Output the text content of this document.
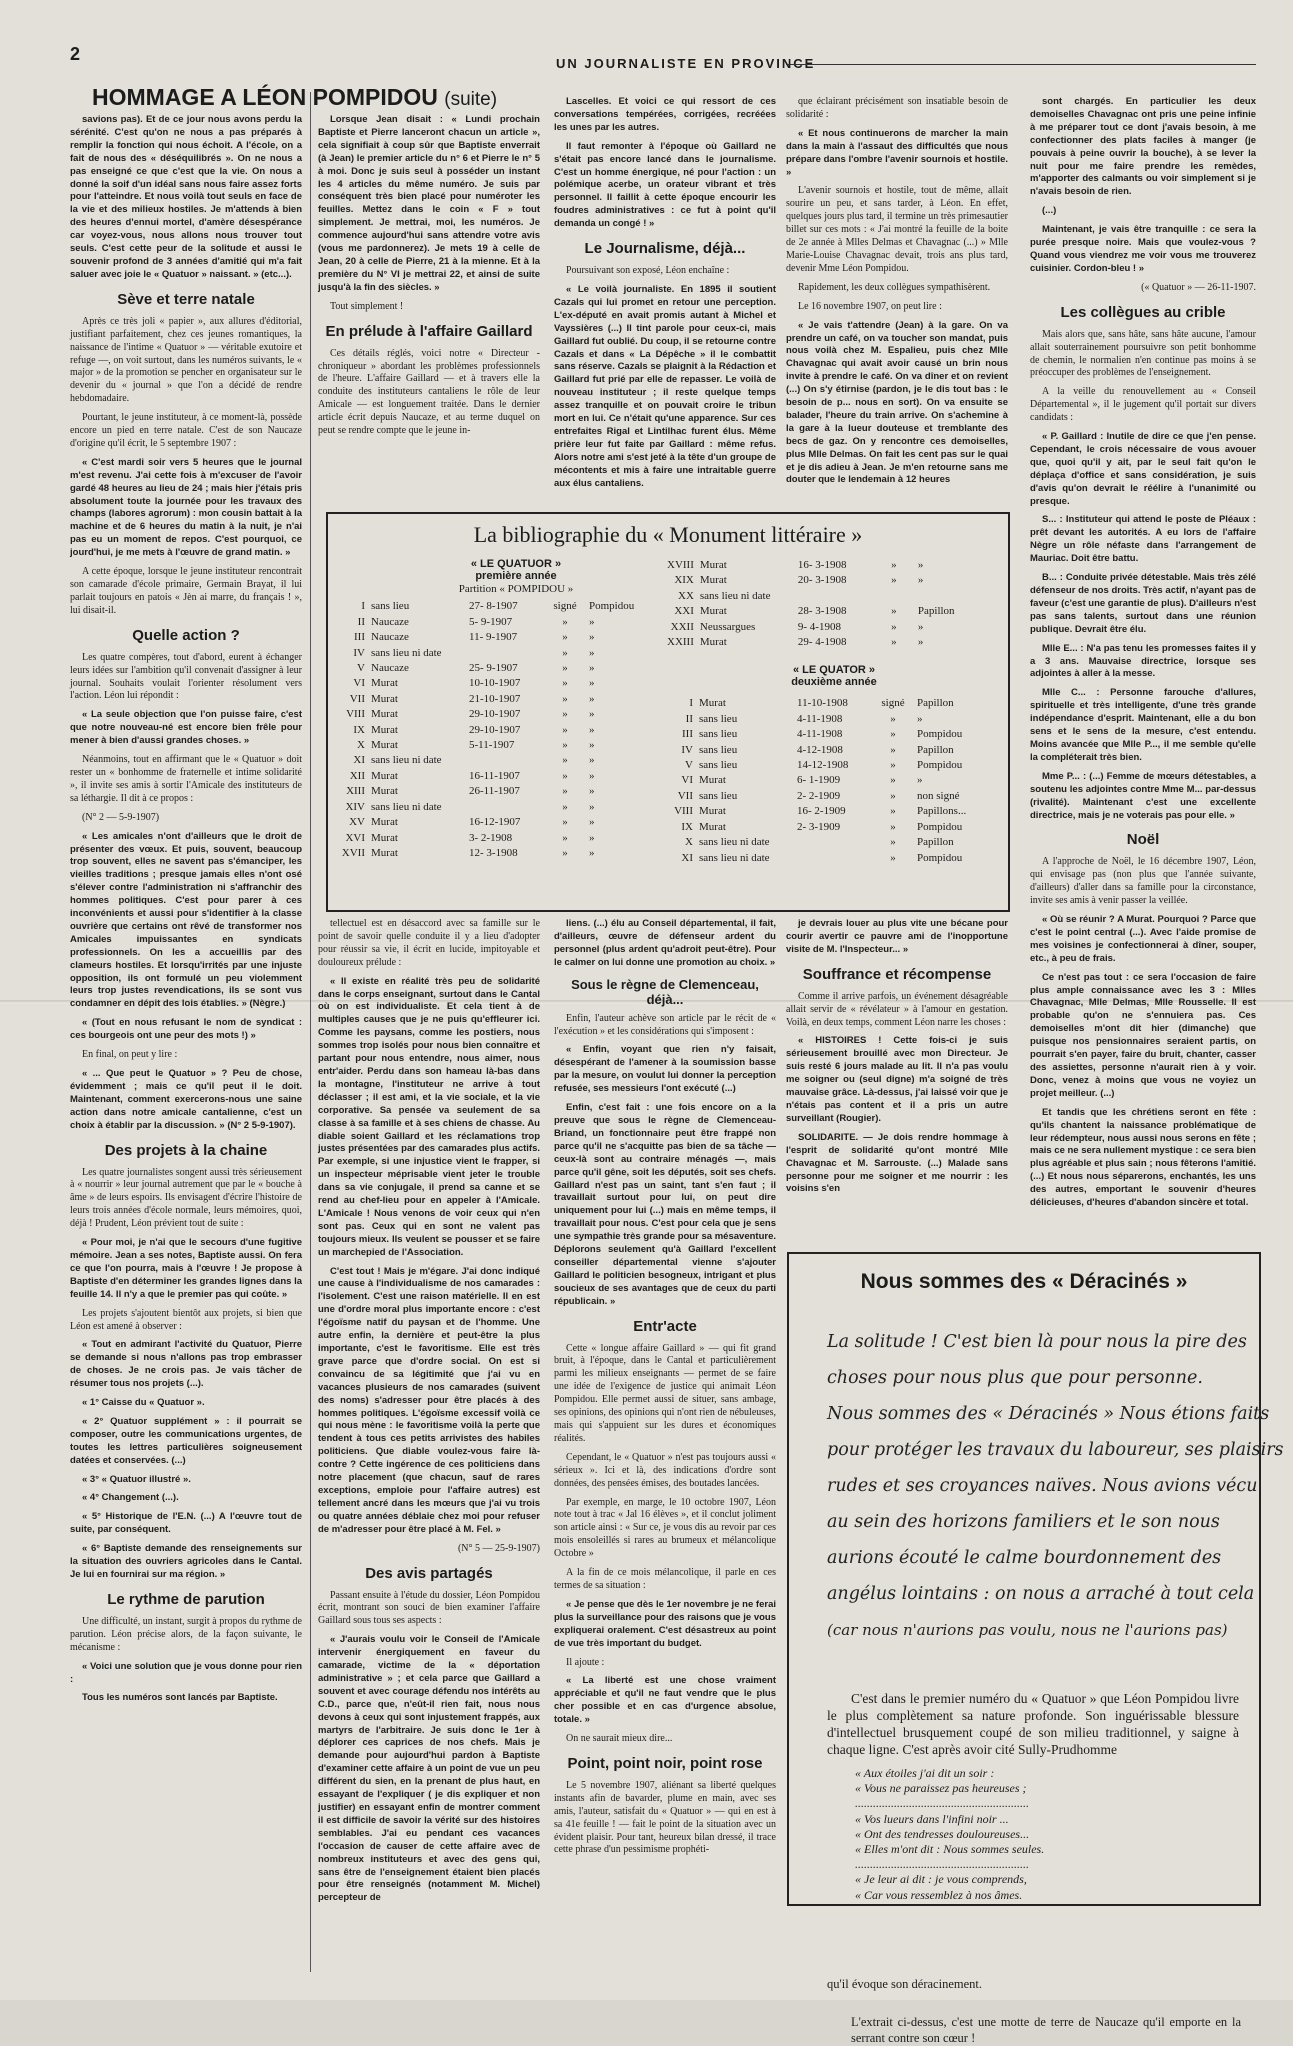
2	UN JOURNALISTE EN PROVINCE
HOMMAGE A LÉON POMPIDOU (suite)

savions pas). Et de ce jour nous avons perdu la sérénité. C'est qu'on ne nous a pas préparés à remplir la fonction qui nous échoit. A l'école, on a fait de nous des « déséquilibrés ». On ne nous a pas enseigné ce que c'est que la vie. On nous a donné la soif d'un idéal sans nous faire assez forts pour l'atteindre. Et nous voilà tout seuls en face de la vie et des milieux hostiles. Je m'attends à bien des heures d'ennui mortel, d'amère désespérance car voyez-vous, nous allons nous trouver tout seuls. C'est cette peur de la solitude et aussi le souvenir profond de 3 années d'amitié qui m'a fait saluer avec joie le « Quatuor » naissant. » (etc...).

Sève et terre natale

Après ce très joli « papier », aux allures d'éditorial, justifiant parfaitement, chez ces jeunes romantiques, la naissance de l'intime « Quatuor » — véritable exutoire et refuge —, on voit surtout, dans les numéros suivants, le « major » de la promotion se pencher en organisateur sur le devenir du « journal » que l'on a décidé de rendre hebdomadaire.

Pourtant, le jeune instituteur, à ce moment-là, possède encore un pied en terre natale. C'est de son Naucaze d'origine qu'il écrit, le 5 septembre 1907 :

« C'est mardi soir vers 5 heures que le journal m'est revenu. J'ai cette fois à m'excuser de l'avoir gardé 48 heures au lieu de 24 ; mais hier j'étais pris absolument toute la journée pour les travaux des champs (labores agrorum) : mon cousin battait à la machine et de 6 heures du matin à la nuit, je n'ai pas eu un moment de repos. C'est pourquoi, ce jourd'hui, je me mets à l'œuvre de grand matin. »

A cette époque, lorsque le jeune instituteur rencontrait son camarade d'école primaire, Germain Brayat, il lui parlait toujours en patois « Jèn ai marre, du français ! », lui disait-il.

Quelle action ?

Les quatre compères, tout d'abord, eurent à échanger leurs idées sur l'ambition qu'il convenait d'assigner à leur journal. Souhaits voulait l'orienter résolument vers l'action. Léon lui répondit :

« La seule objection que l'on puisse faire, c'est que notre nouveau-né est encore bien frêle pour mener à bien d'aussi grandes choses. »

Néanmoins, tout en affirmant que le « Quatuor » doit rester un « bonhomme de fraternelle et intime solidarité », il invite ses amis à sortir l'Amicale des instituteurs de sa léthargie. Il dit à ce propos :

(N° 2 — 5-9-1907)

« Les amicales n'ont d'ailleurs que le droit de présenter des vœux. Et puis, souvent, beaucoup trop souvent, elles ne savent pas s'émanciper, les vieilles traditions ; presque jamais elles n'ont osé s'élever contre l'administration ni s'affranchir des hommes politiques. C'est pour parer à ces inconvénients et aussi pour s'identifier à la classe ouvrière que certains ont rêvé de transformer nos Amicales impuissantes en syndicats professionnels. On les a accueillis par des clameurs hostiles. Et lorsqu'irrités par une injuste opposition, ils ont formulé un peu violemment leurs trop justes revendications, ils se sont vus condamner en dépit des lois établies. » (Nègre.)

« (Tout en nous refusant le nom de syndicat : ces bourgeois ont une peur des mots !) »

En final, on peut y lire :

« ... Que peut le Quatuor » ? Peu de chose, évidemment ; mais ce qu'il peut il le doit. Maintenant, comment exercerons-nous une saine action dans notre amicale cantalienne, c'est un choix à établir par la discussion. » (N° 2 5-9-1907).

Des projets à la chaine

Les quatre journalistes songent aussi très sérieusement à « nourrir » leur journal autrement que par le « bouche à âme » de leurs espoirs. Ils envisagent d'écrire l'histoire de leurs trois années d'école normale, leurs mémoires, quoi, déjà ! Prudent, Léon prévient tout de suite :

« Pour moi, je n'ai que le secours d'une fugitive mémoire. Jean a ses notes, Baptiste aussi. On fera ce que l'on pourra, mais à l'œuvre ! Je propose à Baptiste d'en déterminer les grandes lignes dans la feuille 14. Il n'y a que le premier pas qui coûte. »

Les projets s'ajoutent bientôt aux projets, si bien que Léon est amené à observer :

« Tout en admirant l'activité du Quatuor, Pierre se demande si nous n'allons pas trop embrasser de choses. Je ne crois pas. Je vais tâcher de résumer tous nos projets (...).

« 1° Caisse du « Quatuor ».

« 2° Quatuor supplément » : il pourrait se composer, outre les communications urgentes, de toutes les lettres particulières soigneusement datées et conservées. (...)

« 3° « Quatuor illustré ».

« 4° Changement (...).

« 5° Historique de l'E.N. (...) A l'œuvre tout de suite, par conséquent.

« 6° Baptiste demande des renseignements sur la situation des ouvriers agricoles dans le Cantal. Je lui en fournirai sur ma région. »

Le rythme de parution

Une difficulté, un instant, surgit à propos du rythme de parution. Léon précise alors, de la façon suivante, le mécanisme :

« Voici une solution que je vous donne pour rien :

Tous les numéros sont lancés par Baptiste.

Lorsque Jean disait : « Lundi prochain Baptiste et Pierre lanceront chacun un article », cela signifiait à coup sûr que Baptiste enverrait (à Jean) le premier article du n° 6 et Pierre le n° 5 à moi. Donc je suis seul à posséder un instant les 4 articles du même numéro. Je suis par conséquent très bien placé pour numéroter les feuilles. Mettez dans le coin « F » tout simplement. Je mettrai, moi, les numéros. Je commence aujourd'hui sans attendre votre avis (vous me pardonnerez). Je mets 19 à celle de Jean, 20 à celle de Pierre, 21 à la mienne. Et à la première du N° VI je mettrai 22, et ainsi de suite jusqu'à la fin des siècles. »

Tout simplement !

En prélude à l'affaire Gaillard

Ces détails réglés, voici notre « Directeur - chroniqueur » abordant les problèmes professionnels de l'heure. L'affaire Gaillard — et à travers elle la conduite des instituteurs cantaliens le rôle de leur Amicale — est longuement traitée. Dans le dernier article écrit depuis Naucaze, et au terme duquel on peut se rendre compte que le jeune in-

Lascelles. Et voici ce qui ressort de ces conversations tempérées, corrigées, recréées les unes par les autres.

Il faut remonter à l'époque où Gaillard ne s'était pas encore lancé dans le journalisme. C'est un homme énergique, né pour l'action : un polémique acerbe, un orateur vibrant et très personnel. Il faillit à cette époque encourir les foudres administratives : ce fut à point qu'il demanda un congé ! »

Le Journalisme, déjà...

Poursuivant son exposé, Léon enchaîne :

« Le voilà journaliste. En 1895 il soutient Cazals qui lui promet en retour une perception. L'ex-député en avait promis autant à Michel et Vayssières (...) Il tint parole pour ceux-ci, mais Gaillard fut oublié. Du coup, il se retourne contre Cazals et dans « La Dépêche » il le combattit sans réserve. Cazals se plaignit à la Rédaction et Gaillard fut prié par elle de repasser. Le voilà de nouveau instituteur ; il reste quelque temps assez tranquille et on pouvait croire le tribun mort en lui. Ce n'était qu'une apparence. Sur ces entrefaites Rigal et Lintilhac furent élus. Même prière leur fut faite par Gaillard : même refus. Alors notre ami s'est jeté à la tête d'un groupe de mécontents et mis à faire une intraitable guerre aux élus cantaliens.

que éclairant précisément son insatiable besoin de solidarité :

« Et nous continuerons de marcher la main dans la main à l'assaut des difficultés que nous prépare dans l'ombre l'avenir sournois et hostile. »

L'avenir sournois et hostile, tout de même, allait sourire un peu, et sans tarder, à Léon. En effet, quelques jours plus tard, il termine un très primesautier billet sur ces mots : « J'ai montré la feuille de la boite de 2e année à Mlles Delmas et Chavagnac (...) » Mlle Marie-Louise Chavagnac devait, trois ans plus tard, devenir Mme Léon Pompidou.

Rapidement, les deux collègues sympathisèrent.

Le 16 novembre 1907, on peut lire :

« Je vais t'attendre (Jean) à la gare. On va prendre un café, on va toucher son mandat, puis nous voilà chez M. Espalieu, puis chez Mlle Chavagnac qui avait avoir causé un brin nous invite à prendre le café. On va dîner et on revient (...) On s'y étirnise (pardon, je le dis tout bas : le besoin de p... nous en sort). On va ensuite se balader, l'heure du train arrive. On s'achemine à la gare à la lueur douteuse et tremblante des becs de gaz. On y rencontre ces demoiselles, plus Mlle Delmas. On fait les cent pas sur le quai et je dis adieu à Jean. Je m'en retourne sans me douter que le lendemain à 12 heures

sont chargés. En particulier les deux demoiselles Chavagnac ont pris une peine infinie à me préparer tout ce dont j'avais besoin, à me confectionner des plats faciles à manger (je pouvais à peine ouvrir la bouche), à se lever la nuit pour me faire prendre les remèdes, m'apporter des calmants ou voir simplement si je n'avais besoin de rien.

(...)

Maintenant, je vais être tranquille : ce sera la purée presque noire. Mais que voulez-vous ? Quand vous viendrez me voir vous me trouverez cuisinier. Cordon-bleu ! »

(« Quatuor » — 26-11-1907.

Les collègues au crible

Mais alors que, sans hâte, sans hâte aucune, l'amour allait souterrainement poursuivre son petit bonhomme de chemin, le normalien n'en continue pas moins à se préoccuper des problèmes de l'enseignement.

A la veille du renouvellement au « Conseil Départemental », il le jugement qu'il portait sur divers candidats :

« P. Gaillard : Inutile de dire ce que j'en pense. Cependant, le crois nécessaire de vous avouer que, quoi qu'il y ait, par le seul fait qu'on le déplaça d'office et sans considération, je suis d'avis qu'on devrait le réélire à l'unanimité ou presque.

S... : Instituteur qui attend le poste de Pléaux : prêt devant les autorités. A eu lors de l'affaire Nègre un rôle néfaste dans l'arrangement de Mauriac. Doit être battu.

B... : Conduite privée détestable. Mais très zélé défenseur de nos droits. Très actif, n'ayant pas de faveur (c'est une garantie de plus). D'ailleurs n'est pas sans talents, surtout dans une réunion publique. Devrait être élu.

Mlle E... : N'a pas tenu les promesses faites il y a 3 ans. Mauvaise directrice, lorsque ses adjointes à aller à la messe.

Mlle C... : Personne farouche d'allures, spirituelle et très intelligente, d'une très grande indépendance d'esprit. Maintenant, elle a du bon sens et le sens de la mesure, c'est entendu. Moins avancée que Mlle P..., il me semble qu'elle la compléterait très bien.

Mme P... : (...) Femme de mœurs détestables, a soutenu les adjointes contre Mme M... par-dessus (rivalité). Maintenant c'est une excellente directrice, mais je ne voterais pas pour elle. »

Noël

A l'approche de Noël, le 16 décembre 1907, Léon, qui envisage pas (non plus que l'année suivante, d'ailleurs) d'aller dans sa famille pour la circonstance, invite ses amis à venir passer la veillée.

« Où se réunir ? A Murat. Pourquoi ? Parce que c'est le point central (...). Avec l'aide promise de mes voisines je confectionnerai à dîner, souper, etc., à peu de frais.

Ce n'est pas tout : ce sera l'occasion de faire plus ample connaissance avec les 3 : Mlles Chavagnac, Mlle Delmas, Mlle Rousselle. Il est probable qu'on ne s'ennuiera pas. Ces demoiselles m'ont dit hier (dimanche) que puisque nos pensionnaires seraient partis, on pourrait s'en payer, faire du bruit, chanter, casser des assiettes, personne n'aurait rien à y voir. Donc, venez à moins que vous ne voyiez un projet meilleur. (...)

Et tandis que les chrétiens seront en fête : qu'ils chantent la naissance problématique de leur rédempteur, nous aussi nous serons en fête ; mais ce ne sera nullement mystique : ce sera bien plus agréable et plus sain ; nous fêterons l'amitié. (...) Et nous nous séparerons, enchantés, les uns des autres, emportant le souvenir d'heures délicieuses, d'heures d'abandon sincère et total.

La bibliographie du « Monument littéraire »
« LE QUATUOR »
première année
Partition « POMPIDOU »
I	sans lieu	27- 8-1907	signé	Pompidou
II	Naucaze	5- 9-1907	»	»
III	Naucaze	11- 9-1907	»	»
IV	sans lieu ni date		»	»
V	Naucaze	25- 9-1907	»	»
VI	Murat	10-10-1907	»	»
VII	Murat	21-10-1907	»	»
VIII	Murat	29-10-1907	»	»
IX	Murat	29-10-1907	»	»
X	Murat	5-11-1907	»	»
XI	sans lieu ni date		»	»
XII	Murat	16-11-1907	»	»
XIII	Murat	26-11-1907	»	»
XIV	sans lieu ni date		»	»
XV	Murat	16-12-1907	»	»
XVI	Murat	3- 2-1908	»	»
XVII	Murat	12- 3-1908	»	»
XVIII	Murat	16- 3-1908	»	»
XIX	Murat	20- 3-1908	»	»
XX	sans lieu ni date			
XXI	Murat	28- 3-1908	»	Papillon
XXII	Neussargues	9- 4-1908	»	»
XXIII	Murat	29- 4-1908	»	»
« LE QUATOR »
deuxième année
I	Murat	11-10-1908	signé	Papillon
II	sans lieu	4-11-1908	»	»
III	sans lieu	4-11-1908	»	Pompidou
IV	sans lieu	4-12-1908	»	Papillon
V	sans lieu	14-12-1908	»	Pompidou
VI	Murat	6- 1-1909	»	»
VII	sans lieu	2- 2-1909	»	non signé
VIII	Murat	16- 2-1909	»	Papillons...
IX	Murat	2- 3-1909	»	Pompidou
X	sans lieu ni date		»	Papillon
XI	sans lieu ni date		»	Pompidou

tellectuel est en désaccord avec sa famille sur le point de savoir quelle conduite il y a lieu d'adopter pour réussir sa vie, il écrit en lucide, impitoyable et douloureux prélude :

« Il existe en réalité très peu de solidarité dans le corps enseignant, surtout dans le Cantal où on est individualiste. Et cela tient à de multiples causes que je ne puis qu'effleurer ici. Comme les paysans, comme les postiers, nous sommes trop isolés pour nous bien connaître et partant pour nous entendre, nous aimer, nous entr'aider. Perdu dans son hameau là-bas dans la montagne, l'instituteur ne arrive à tout déclasser ; il est ami, et la vie sociale, et la vie corporative. Sa pensée va seulement de sa classe à sa famille et à ses chiens de chasse. Au diable soient Gaillard et les réclamations trop justes présentées par des camarades plus actifs. Par exemple, si une injustice vient le frapper, si un inspecteur méprisable vient jeter le trouble dans sa vie conjugale, il prend sa canne et se rend au chef-lieu pour en appeler à l'Amicale. L'Amicale ! Nous venons de voir ceux qui n'en sont pas. Ceux qui en sont ne valent pas toujours mieux. Ils veulent se pousser et se faire un marchepied de l'Association.

C'est tout ! Mais je m'égare. J'ai donc indiqué une cause à l'individualisme de nos camarades : l'isolement. C'est une raison matérielle. Il en est une d'ordre moral plus importante encore : c'est l'égoïsme natif du paysan et de l'homme. Une autre enfin, la dernière et peut-être la plus importante, c'est le favoritisme. Elle est très grave parce que d'ordre social. On est si convaincu de sa légitimité que j'ai vu en vacances plusieurs de nos camarades (suivent des noms) s'adresser pour être placés à des hommes politiques. L'égoïsme excessif voilà ce qui nous mène : le favoritisme voilà la perte que tendent à tous ces petits arrivistes des habiles politiciens. Que diable voulez-vous faire là-contre ? Cette ingérence de ces politiciens dans notre placement (que chacun, sauf de rares exceptions, emploie pour l'affaire autres) est tellement ancré dans les mœurs que j'ai vu trois ou quatre années déblaie chez moi pour refuser de m'adresser pour être placé à M. Fel. »

(N° 5 — 25-9-1907)

Des avis partagés

Passant ensuite à l'étude du dossier, Léon Pompidou écrit, montrant son souci de bien examiner l'affaire Gaillard sous tous ses aspects :

« J'aurais voulu voir le Conseil de l'Amicale intervenir énergiquement en faveur du camarade, victime de la « déportation administrative » ; et cela parce que Gaillard a souvent et avec courage défendu nos intérêts au C.D., parce que, n'eût-il rien fait, nous nous devons à ceux qui sont injustement frappés, aux martyrs de l'arbitraire. Je suis donc le 1er à déplorer ces caprices de nos chefs. Mais je demande pour aujourd'hui pardon à Baptiste d'examiner cette affaire à un point de vue un peu différent du sien, en la prenant de plus haut, en essayant de l'expliquer ( je dis expliquer et non justifier) en essayant enfin de montrer comment il est difficile de savoir la vérité sur des histoires semblables. J'ai eu pendant ces vacances l'occasion de causer de cette affaire avec de nombreux instituteurs et avec des gens qui, sans être de l'enseignement étaient bien placés pour être renseignés (notamment M. Michel) percepteur de

liens. (...) élu au Conseil départemental, il fait, d'ailleurs, œuvre de défenseur ardent du personnel (plus ardent qu'adroit peut-être). Pour le calmer on lui donne une promotion au choix. »

Sous le règne de Clemenceau, déjà...

Enfin, l'auteur achève son article par le récit de « l'exécution » et les considérations qui s'imposent :

« Enfin, voyant que rien n'y faisait, désespérant de l'amener à la soumission basse par la mesure, on voulut lui donner la perception refusée, ses messieurs l'ont exécuté (...)

Enfin, c'est fait : une fois encore on a la preuve que sous le règne de Clemenceau-Briand, un fonctionnaire peut être frappé non parce qu'il ne s'acquitte pas bien de sa tâche — ceux-là sont au contraire ménagés —, mais parce qu'il gêne, soit les députés, soit ses chefs. Gaillard n'est pas un saint, tant s'en faut ; il travaillait surtout pour lui, on peut dire uniquement pour lui (...) mais en même temps, il travaillait pour nous. C'est pour cela que je sens une sympathie très grande pour sa mésaventure. Déplorons seulement qu'à Gaillard l'excellent conseiller départemental vienne s'ajouter Gaillard le politicien besogneux, intrigant et plus soucieux de ses avantages que de ceux du parti républicain. »

Entr'acte

Cette « longue affaire Gaillard » — qui fit grand bruit, à l'époque, dans le Cantal et particulièrement parmi les milieux enseignants — permet de se faire une idée de l'exigence de justice qui animait Léon Pompidou. Elle permet aussi de situer, sans ambage, ses opinions, des opinions qui n'ont rien de nébuleuses, mais qui s'appuient sur les dures et économiques réalités.

Cependant, le « Quatuor » n'est pas toujours aussi « sérieux ». Ici et là, des indications d'ordre sont données, des pensées émises, des boutades lancées.

Par exemple, en marge, le 10 octobre 1907, Léon note tout à trac « Jal 16 élèves », et il conclut joliment son article ainsi : « Sur ce, je vous dis au revoir par ces mois ensoleillés si rares au brumeux et mélancolique Octobre »

A la fin de ce mois mélancolique, il parle en ces termes de sa situation :

« Je pense que dès le 1er novembre je ne ferai plus la surveillance pour des raisons que je vous expliquerai oralement. C'est désastreux au point de vue très important du budget.

Il ajoute :

« La liberté est une chose vraiment appréciable et qu'il ne faut vendre que le plus cher possible et en cas d'urgence absolue, totale. »

On ne saurait mieux dire...

Point, point noir, point rose

Le 5 novembre 1907, aliénant sa liberté quelques instants afin de bavarder, plume en main, avec ses amis, l'auteur, satisfait du « Quatuor » — qui en est à sa 41e feuille ! — fait le point de la situation avec un évident plaisir. Pour tant, heureux bilan dressé, il trace cette phrase d'un pessimisme prophéti-

je devrais louer au plus vite une bécane pour courir avertir ce pauvre ami de l'inopportune visite de M. l'Inspecteur... »

Souffrance et récompense

Comme il arrive parfois, un événement désagréable allait servir de « révélateur » à l'amour en gestation. Voilà, en deux temps, comment Léon narre les choses :

« HISTOIRES ! Cette fois-ci je suis sérieusement brouillé avec mon Directeur. Je suis resté 6 jours malade au lit. Il n'a pas voulu me soigner ou (seul digne) m'a soigné de très mauvaise grâce. Là-dessus, j'ai laissé voir que je n'étais pas content et il a pris un autre surveillant (Rougier).

SOLIDARITE. — Je dois rendre hommage à l'esprit de solidarité qu'ont montré Mlle Chavagnac et M. Sarrouste. (...) Malade sans personne pour me soigner et me nourrir : les voisins s'en

Nous sommes des « Déracinés »
La solitude ! C'est bien là pour nous la pire des
choses pour nous plus que pour personne.
Nous sommes des « Déracinés » Nous étions faits
pour protéger les travaux du laboureur, ses plaisirs
rudes et ses croyances naïves. Nous avions vécu
au sein des horizons familiers et le son nous
aurions écouté le calme bourdonnement des
angélus lointains : on nous a arraché à tout cela
(car nous n'aurions pas voulu, nous ne l'aurions pas)
C'est dans le premier numéro du « Quatuor » que Léon Pompidou livre le plus complètement sa nature profonde. Son inguérissable blessure d'intellectuel brusquement coupé de son milieu traditionnel, y saigne à chaque ligne. C'est après avoir cité Sully-Prudhomme
« Aux étoiles j'ai dit un soir :
« Vous ne paraissez pas heureuses ;
..........................................................
« Vos lueurs dans l'infini noir ...
« Ont des tendresses douloureuses...
« Elles m'ont dit : Nous sommes seules.
..........................................................
« Je leur ai dit : je vous comprends,
« Car vous ressemblez à nos âmes.
qu'il évoque son déracinement.
L'extrait ci-dessus, c'est une motte de terre de Naucaze qu'il emporte en la serrant contre son cœur !
